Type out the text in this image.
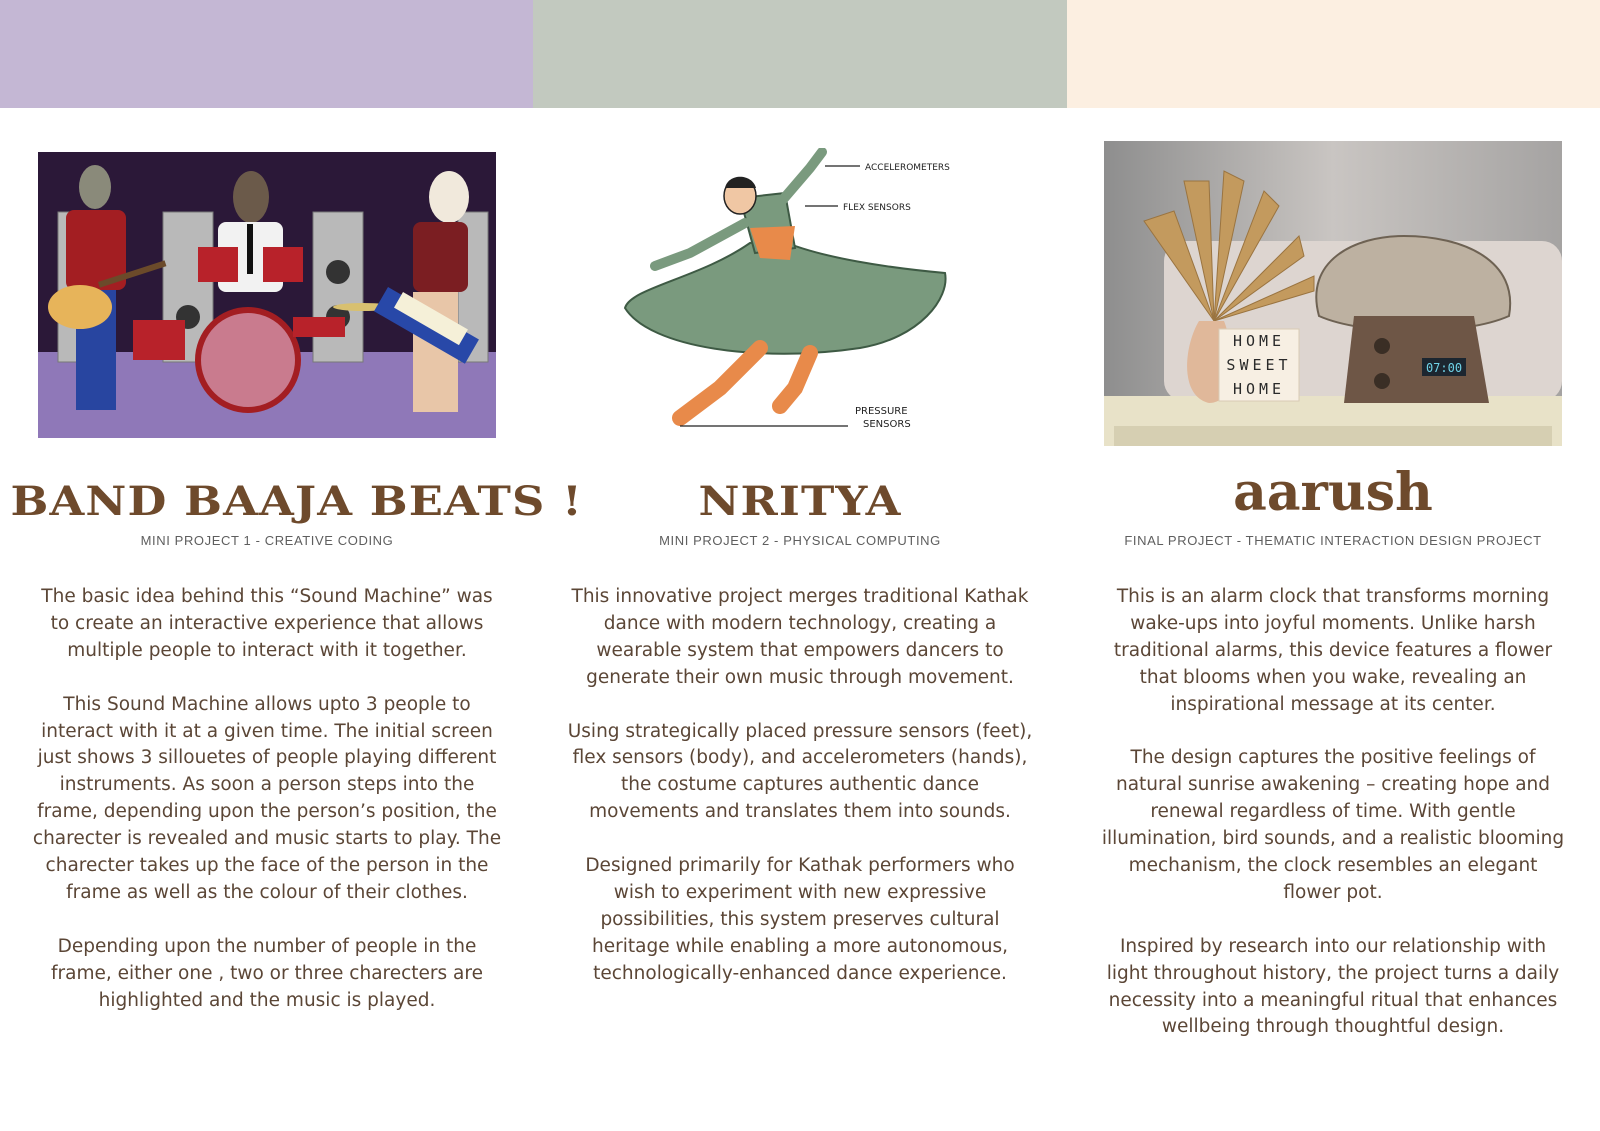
BAND BAAJA BEATS !
MINI PROJECT 1 - CREATIVE CODING

The basic idea behind this “Sound Machine” was to create an interactive experience that allows multiple people to interact with it together.

This Sound Machine allows upto 3 people to interact with it at a given time. The initial screen just shows 3 sillouetes of people playing different instruments. As soon a person steps into the frame, depending upon the person’s position, the charecter is revealed and music starts to play. The charecter takes up the face of the person in the frame as well as the colour of their clothes.

Depending upon the number of people in the frame, either one , two or three charecters are highlighted and the music is played.

ACCELEROMETERS
FLEX SENSORS
PRESSURE
SENSORS
NRITYA
MINI PROJECT 2 - PHYSICAL COMPUTING

This innovative project merges traditional Kathak dance with modern technology, creating a wearable system that empowers dancers to generate their own music through movement.

Using strategically placed pressure sensors (feet), flex sensors (body), and accelerometers (hands), the costume captures authentic dance movements and translates them into sounds.

Designed primarily for Kathak performers who wish to experiment with new expressive possibilities, this system preserves cultural heritage while enabling a more autonomous, technologically-enhanced dance experience.

HOME
SWEET
HOME
07:00
aarush
FINAL PROJECT - THEMATIC INTERACTION DESIGN PROJECT

This is an alarm clock that transforms morning wake-ups into joyful moments. Unlike harsh traditional alarms, this device features a flower that blooms when you wake, revealing an inspirational message at its center.

The design captures the positive feelings of natural sunrise awakening – creating hope and renewal regardless of time. With gentle illumination, bird sounds, and a realistic blooming mechanism, the clock resembles an elegant flower pot.

Inspired by research into our relationship with light throughout history, the project turns a daily necessity into a meaningful ritual that enhances wellbeing through thoughtful design.
